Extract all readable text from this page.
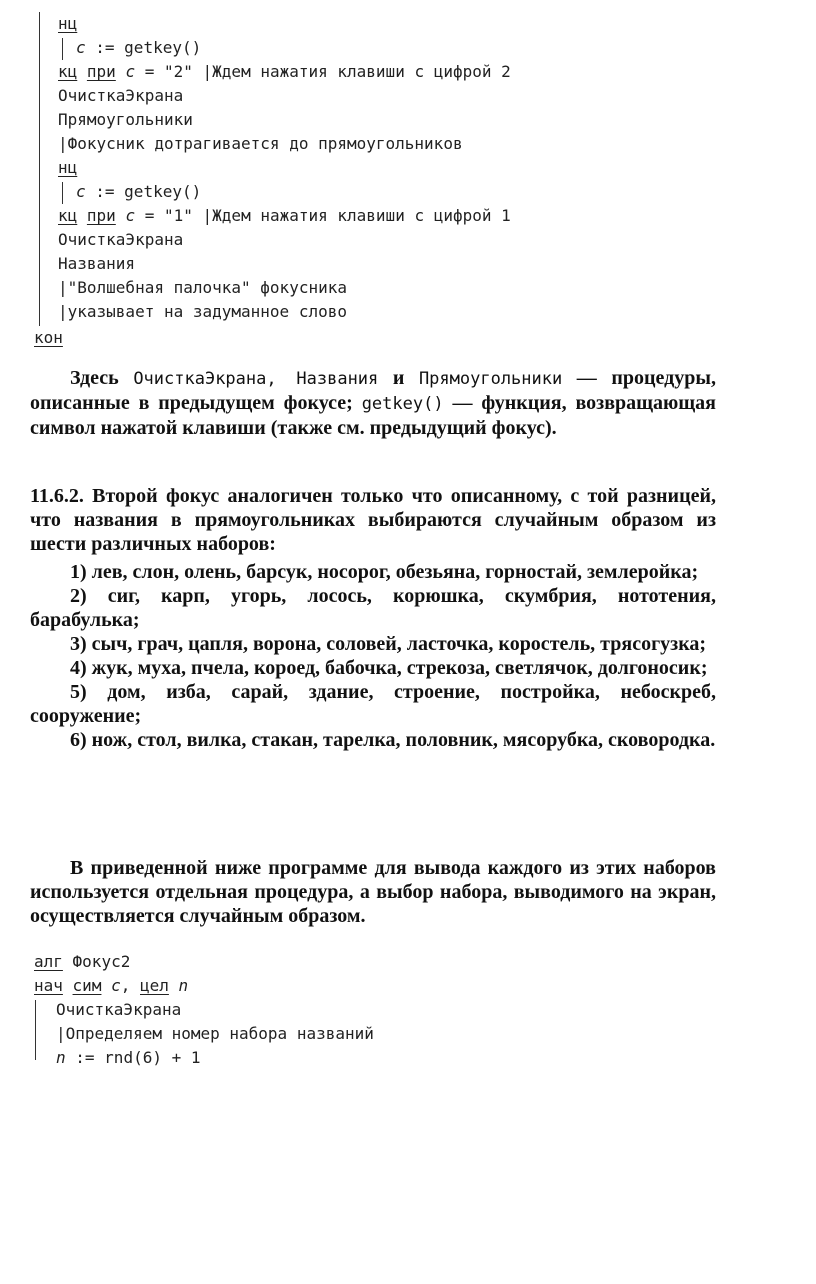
нц
c := getkey()
кц при c = "2" |Ждем нажатия клавиши с цифрой 2
ОчисткаЭкрана
Прямоугольники
|Фокусник дотрагивается до прямоугольников
нц
c := getkey()
кц при c = "1" |Ждем нажатия клавиши с цифрой 1
ОчисткаЭкрана
Названия
|"Волшебная палочка" фокусника
|указывает на задуманное слово
кон

Здесь ОчисткаЭкрана, Названия и Прямоугольники — процедуры, описанные в предыдущем фокусе; getkey() — функция, возвращающая символ нажатой клавиши (также см. предыдущий фокус).

11.6.2. Второй фокус аналогичен только что описанному, с той разницей, что названия в прямоугольниках выбираются случайным образом из шести различных наборов:

1) лев, слон, олень, барсук, носорог, обезьяна, горностай, землеройка;

2) сиг, карп, угорь, лосось, корюшка, скумбрия, нототения, барабулька;

3) сыч, грач, цапля, ворона, соловей, ласточка, коростель, трясогузка;

4) жук, муха, пчела, короед, бабочка, стрекоза, светлячок, долгоносик;

5) дом, изба, сарай, здание, строение, постройка, небоскреб, сооружение;

6) нож, стол, вилка, стакан, тарелка, половник, мясорубка, сковородка.

В приведенной ниже программе для вывода каждого из этих наборов используется отдельная процедура, а выбор набора, выводимого на экран, осуществляется случайным образом.

алг Фокус2
нач сим c, цел n
ОчисткаЭкрана
|Определяем номер набора названий
n := rnd(6) + 1
